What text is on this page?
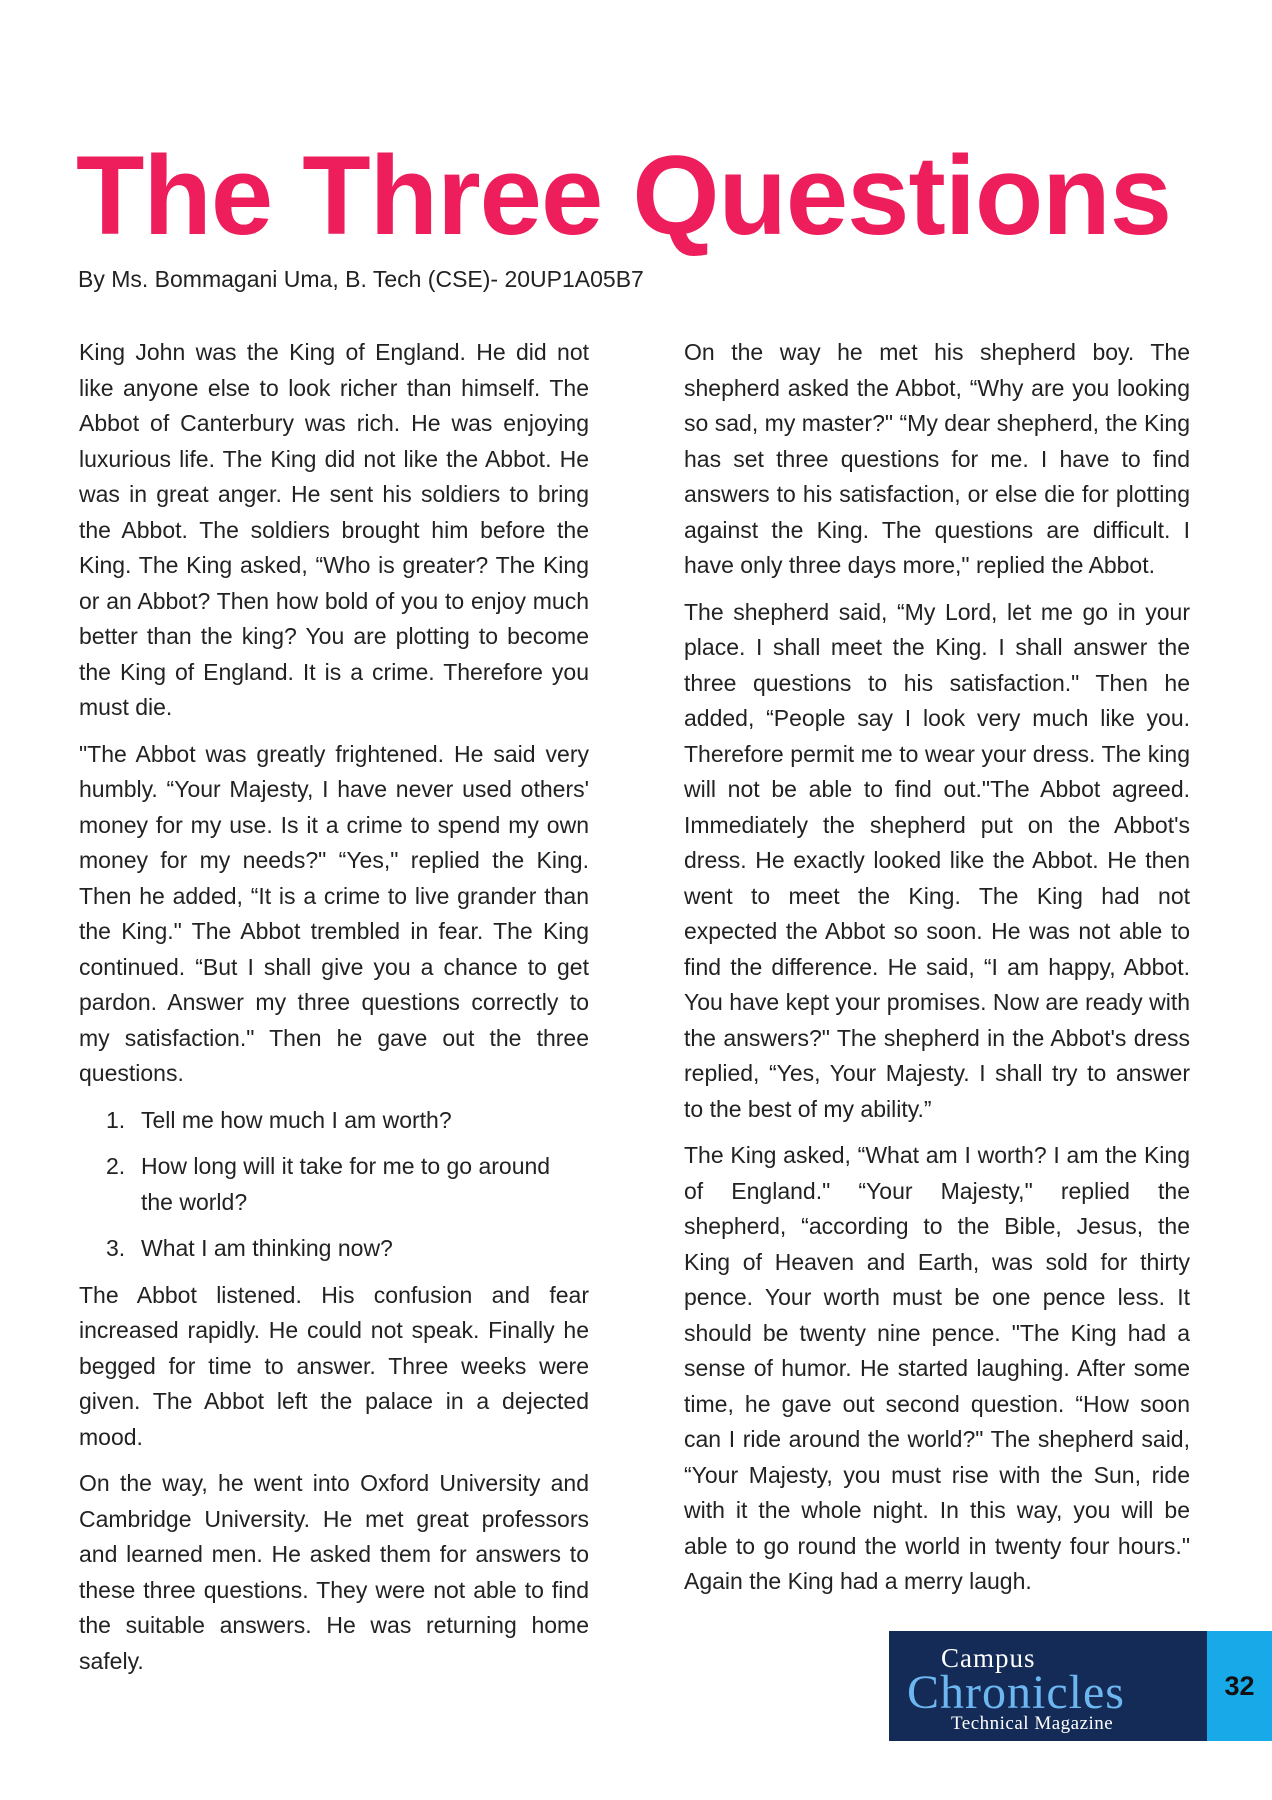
The Three Questions
By Ms. Bommagani Uma, B. Tech (CSE)- 20UP1A05B7

King John was the King of England. He did not like anyone else to look richer than himself. The Abbot of Canterbury was rich. He was enjoying luxurious life. The King did not like the Abbot. He was in great anger. He sent his soldiers to bring the Abbot. The soldiers brought him before the King. The King asked, “Who is greater? The King or an Abbot? Then how bold of you to enjoy much better than the king? You are plotting to become the King of England. It is a crime. Therefore you must die.

"The Abbot was greatly frightened. He said very humbly. “Your Majesty, I have never used others' money for my use. Is it a crime to spend my own money for my needs?" “Yes," replied the King. Then he added, “It is a crime to live grander than the King." The Abbot trembled in fear. The King continued. “But I shall give you a chance to get pardon. Answer my three questions correctly to my satisfaction." Then he gave out the three questions.

1. Tell me how much I am worth?
2. How long will it take for me to go around the world?
3. What I am thinking now?

The Abbot listened. His confusion and fear increased rapidly. He could not speak. Finally he begged for time to answer. Three weeks were given. The Abbot left the palace in a dejected mood.

On the way, he went into Oxford University and Cambridge University. He met great professors and learned men. He asked them for answers to these three questions. They were not able to find the suitable answers. He was returning home safely.

On the way he met his shepherd boy. The shepherd asked the Abbot, “Why are you looking so sad, my master?" “My dear shepherd, the King has set three questions for me. I have to find answers to his satisfaction, or else die for plotting against the King. The questions are difficult. I have only three days more," replied the Abbot.

The shepherd said, “My Lord, let me go in your place. I shall meet the King. I shall answer the three questions to his satisfaction." Then he added, “People say I look very much like you. Therefore permit me to wear your dress. The king will not be able to find out."The Abbot agreed. Immediately the shepherd put on the Abbot's dress. He exactly looked like the Abbot. He then went to meet the King. The King had not expected the Abbot so soon. He was not able to find the difference. He said, “I am happy, Abbot. You have kept your promises. Now are ready with the answers?" The shepherd in the Abbot's dress replied, “Yes, Your Majesty. I shall try to answer to the best of my ability.”

The King asked, “What am I worth? I am the King of England." “Your Majesty," replied the shepherd, “according to the Bible, Jesus, the King of Heaven and Earth, was sold for thirty pence. Your worth must be one pence less. It should be twenty nine pence. "The King had a sense of humor. He started laughing. After some time, he gave out second question. “How soon can I ride around the world?" The shepherd said, “Your Majesty, you must rise with the Sun, ride with it the whole night. In this way, you will be able to go round the world in twenty four hours." Again the King had a merry laugh.

Campus
Chronicles
Technical Magazine
32
